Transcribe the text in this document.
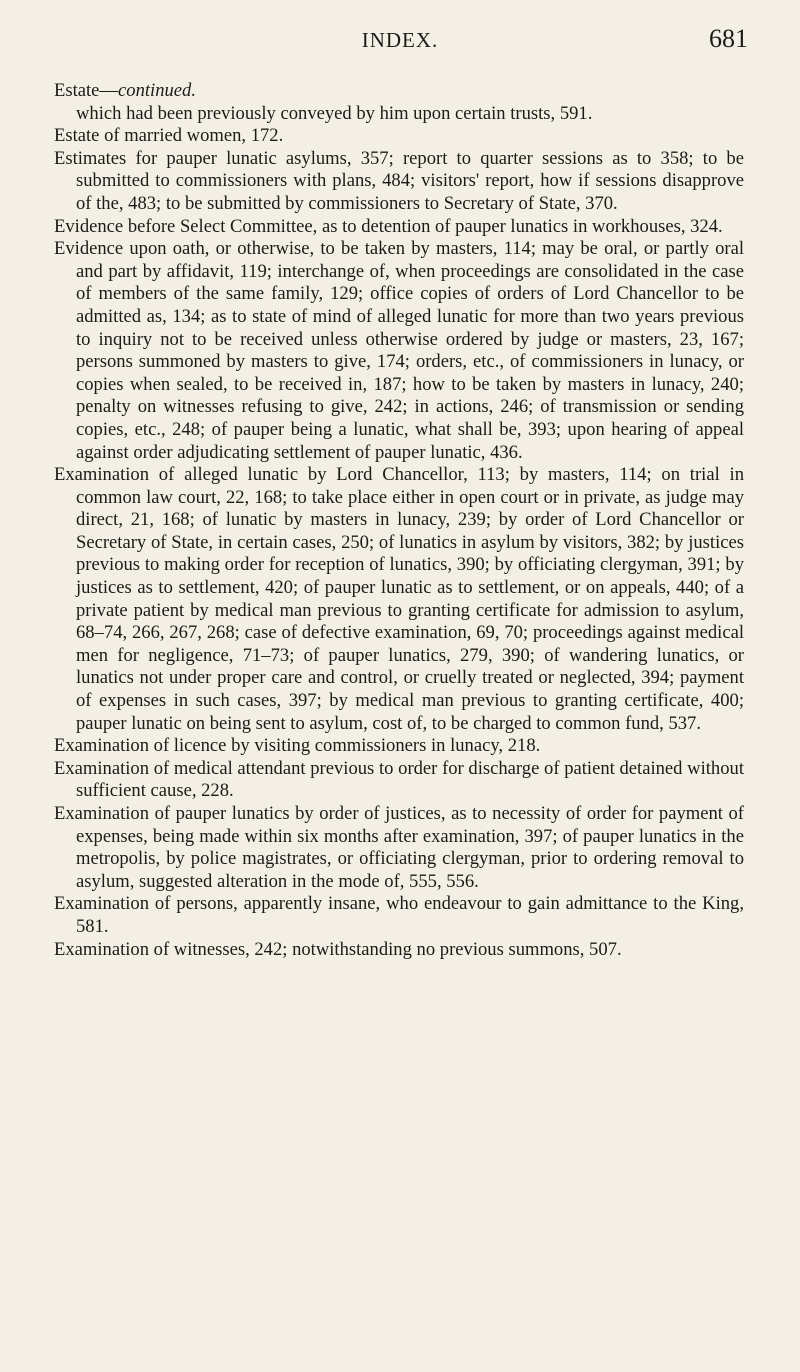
INDEX.	681

Estate—continued.

which had been previously conveyed by him upon certain trusts, 591.

Estate of married women, 172.

Estimates for pauper lunatic asylums, 357; report to quarter sessions as to 358; to be submitted to commissioners with plans, 484; visitors' report, how if sessions disapprove of the, 483; to be submitted by commissioners to Secretary of State, 370.

Evidence before Select Committee, as to detention of pauper lunatics in workhouses, 324.

Evidence upon oath, or otherwise, to be taken by masters, 114; may be oral, or partly oral and part by affidavit, 119; interchange of, when proceedings are consolidated in the case of members of the same family, 129; office copies of orders of Lord Chancellor to be admitted as, 134; as to state of mind of alleged lunatic for more than two years previous to inquiry not to be received unless otherwise ordered by judge or masters, 23, 167; persons summoned by masters to give, 174; orders, etc., of commissioners in lunacy, or copies when sealed, to be received in, 187; how to be taken by masters in lunacy, 240; penalty on witnesses refusing to give, 242; in actions, 246; of transmission or sending copies, etc., 248; of pauper being a lunatic, what shall be, 393; upon hearing of appeal against order adjudicating settlement of pauper lunatic, 436.

Examination of alleged lunatic by Lord Chancellor, 113; by masters, 114; on trial in common law court, 22, 168; to take place either in open court or in private, as judge may direct, 21, 168; of lunatic by masters in lunacy, 239; by order of Lord Chancellor or Secretary of State, in certain cases, 250; of lunatics in asylum by visitors, 382; by justices previous to making order for reception of lunatics, 390; by officiating clergyman, 391; by justices as to settlement, 420; of pauper lunatic as to settlement, or on appeals, 440; of a private patient by medical man previous to granting certificate for admission to asylum, 68–74, 266, 267, 268; case of defective examination, 69, 70; proceedings against medical men for negligence, 71–73; of pauper lunatics, 279, 390; of wandering lunatics, or lunatics not under proper care and control, or cruelly treated or neglected, 394; payment of expenses in such cases, 397; by medical man previous to granting certificate, 400; pauper lunatic on being sent to asylum, cost of, to be charged to common fund, 537.

Examination of licence by visiting commissioners in lunacy, 218.

Examination of medical attendant previous to order for discharge of patient detained without sufficient cause, 228.

Examination of pauper lunatics by order of justices, as to necessity of order for payment of expenses, being made within six months after examination, 397; of pauper lunatics in the metropolis, by police magistrates, or officiating clergyman, prior to ordering removal to asylum, suggested alteration in the mode of, 555, 556.

Examination of persons, apparently insane, who endeavour to gain admittance to the King, 581.

Examination of witnesses, 242; notwithstanding no previous summons, 507.
